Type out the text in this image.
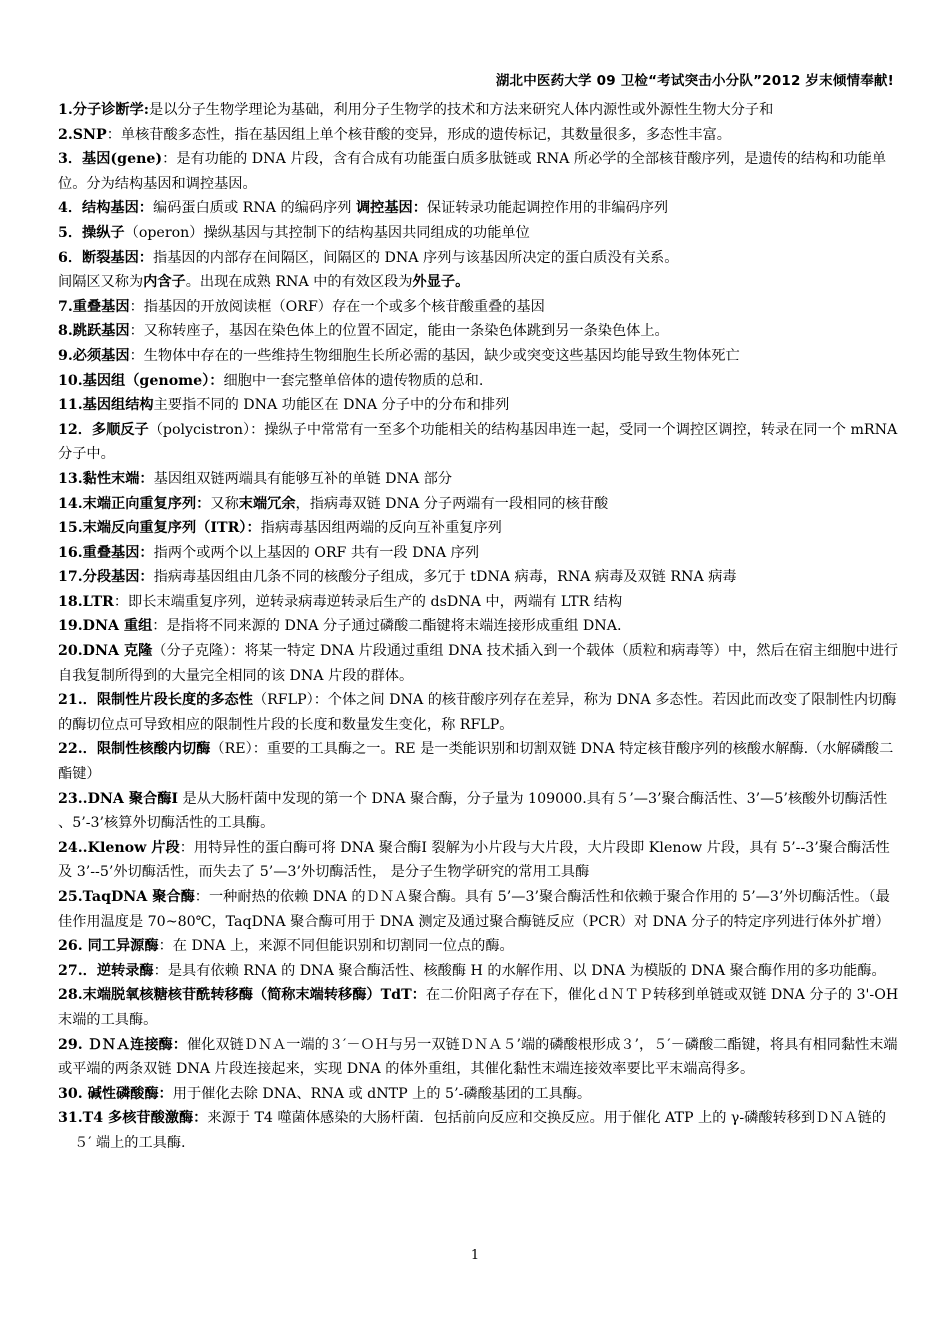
湖北中医药大学 09 卫检“考试突击小分队”2012 岁末倾情奉献!
1.分子诊断学:是以分子生物学理论为基础，利用分子生物学的技术和方法来研究人体内源性或外源性生物大分子和
2.SNP：单核苷酸多态性，指在基因组上单个核苷酸的变异，形成的遗传标记，其数量很多，多态性丰富。
3．基因(gene)：是有功能的 DNA 片段，含有合成有功能蛋白质多肽链或 RNA 所必学的全部核苷酸序列，是遗传的结构和功能单位。分为结构基因和调控基因。
4．结构基因：编码蛋白质或 RNA 的编码序列 调控基因：保证转录功能起调控作用的非编码序列
5．操纵子（operon）操纵基因与其控制下的结构基因共同组成的功能单位
6．断裂基因：指基因的内部存在间隔区，间隔区的 DNA 序列与该基因所决定的蛋白质没有关系。
间隔区又称为内含子。出现在成熟 RNA 中的有效区段为外显子。
7.重叠基因：指基因的开放阅读框（ORF）存在一个或多个核苷酸重叠的基因
8.跳跃基因：又称转座子，基因在染色体上的位置不固定，能由一条染色体跳到另一条染色体上。
9.必须基因：生物体中存在的一些维持生物细胞生长所必需的基因，缺少或突变这些基因均能导致生物体死亡
10.基因组（genome）：细胞中一套完整单倍体的遗传物质的总和.
11.基因组结构主要指不同的 DNA 功能区在 DNA 分子中的分布和排列
12．多顺反子（polycistron）：操纵子中常常有一至多个功能相关的结构基因串连一起，受同一个调控区调控，转录在同一个 mRNA 分子中。
13.黏性末端：基因组双链两端具有能够互补的单链 DNA 部分
14.末端正向重复序列：又称末端冗余，指病毒双链 DNA 分子两端有一段相同的核苷酸
15.末端反向重复序列（ITR）：指病毒基因组两端的反向互补重复序列
16.重叠基因：指两个或两个以上基因的 ORF 共有一段 DNA 序列
17.分段基因：指病毒基因组由几条不同的核酸分子组成，多冗于 tDNA 病毒，RNA 病毒及双链 RNA 病毒
18.LTR：即长末端重复序列，逆转录病毒逆转录后生产的 dsDNA 中，两端有 LTR 结构
19.DNA 重组：是指将不同来源的 DNA 分子通过磷酸二酯键将末端连接形成重组 DNA.
20.DNA 克隆（分子克隆）：将某一特定 DNA 片段通过重组 DNA 技术插入到一个载体（质粒和病毒等）中，然后在宿主细胞中进行自我复制所得到的大量完全相同的该 DNA 片段的群体。
21.．限制性片段长度的多态性（RFLP）：个体之间 DNA 的核苷酸序列存在差异，称为 DNA 多态性。若因此而改变了限制性内切酶的酶切位点可导致相应的限制性片段的长度和数量发生变化，称 RFLP。
22.．限制性核酸内切酶（RE）：重要的工具酶之一。RE 是一类能识别和切割双链 DNA 特定核苷酸序列的核酸水解酶.（水解磷酸二酯键）
23..DNA 聚合酶Ⅰ 是从大肠杆菌中发现的第一个 DNA 聚合酶，分子量为 109000.具有５’—3’聚合酶活性、3’—5’核酸外切酶活性 、5’-3’核算外切酶活性的工具酶。
24..Klenow 片段：用特异性的蛋白酶可将 DNA 聚合酶Ⅰ 裂解为小片段与大片段，大片段即 Klenow 片段，具有 5’--3’聚合酶活性及 3’--5’外切酶活性，而失去了 5’—3’外切酶活性， 是分子生物学研究的常用工具酶
25.TaqDNA 聚合酶：一种耐热的依赖 DNA 的ＤＮＡ聚合酶。具有 5’—3’聚合酶活性和依赖于聚合作用的 5’—3’外切酶活性。（最佳作用温度是 70~80℃，TaqDNA 聚合酶可用于 DNA 测定及通过聚合酶链反应（PCR）对 DNA 分子的特定序列进行体外扩增）
26. 同工异源酶：在 DNA 上，来源不同但能识别和切割同一位点的酶。
27.．逆转录酶：是具有依赖 RNA 的 DNA 聚合酶活性、核酸酶 H 的水解作用、以 DNA 为模版的 DNA 聚合酶作用的多功能酶。
28.末端脱氧核糖核苷酰转移酶（简称末端转移酶）TdT：在二价阳离子存在下，催化ｄＮＴＰ转移到单链或双链 DNA 分子的 3'-OH 末端的工具酶。
29. ＤＮＡ连接酶：催化双链ＤＮＡ一端的３′－ＯＨ与另一双链ＤＮＡ５’端的磷酸根形成３’，５′－磷酸二酯键，将具有相同黏性末端或平端的两条双链 DNA 片段连接起来，实现 DNA 的体外重组，其催化黏性末端连接效率要比平末端高得多。
30. 碱性磷酸酶：用于催化去除 DNA、RNA 或 dNTP 上的 5’-磷酸基团的工具酶。
31.T4 多核苷酸激酶：来源于 T4 噬菌体感染的大肠杆菌．包括前向反应和交换反应。用于催化 ATP 上的 γ-磷酸转移到ＤＮＡ链的５′ 端上的工具酶.
1
